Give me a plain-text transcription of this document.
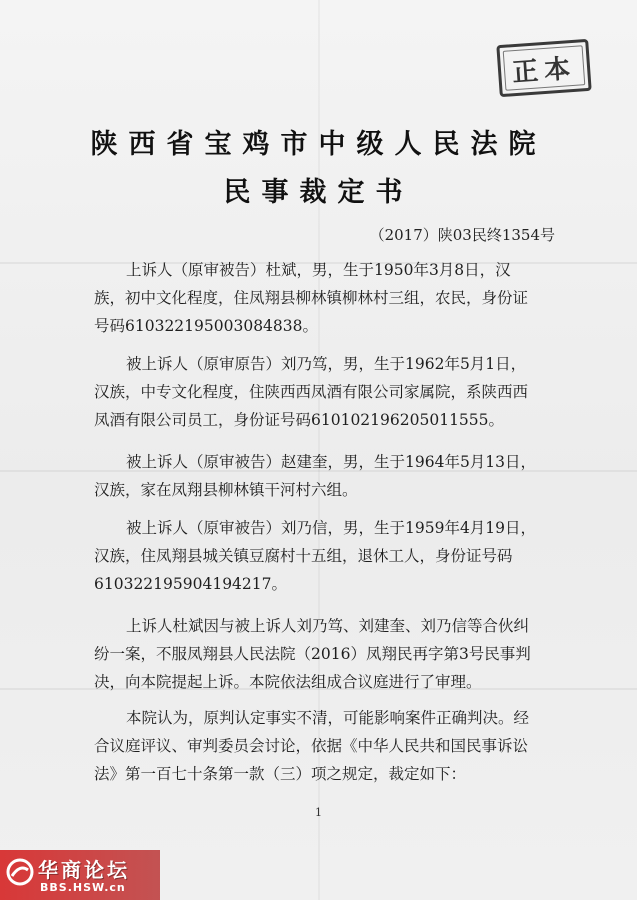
正本
陕西省宝鸡市中级人民法院
民事裁定书
（2017）陕03民终1354号
上诉人（原审被告）杜斌，男，生于1950年3月8日，汉
族，初中文化程度，住凤翔县柳林镇柳林村三组，农民，身份证
号码610322195003084838。
被上诉人（原审原告）刘乃笃，男，生于1962年5月1日，
汉族，中专文化程度，住陕西西凤酒有限公司家属院，系陕西西
凤酒有限公司员工，身份证号码610102196205011555。
被上诉人（原审被告）赵建奎，男，生于1964年5月13日，
汉族，家在凤翔县柳林镇干河村六组。
被上诉人（原审被告）刘乃信，男，生于1959年4月19日，
汉族，住凤翔县城关镇豆腐村十五组，退休工人，身份证号码
610322195904194217。
上诉人杜斌因与被上诉人刘乃笃、刘建奎、刘乃信等合伙纠
纷一案，不服凤翔县人民法院（2016）凤翔民再字第3号民事判
决，向本院提起上诉。本院依法组成合议庭进行了审理。
本院认为，原判认定事实不清，可能影响案件正确判决。经
合议庭评议、审判委员会讨论，依据《中华人民共和国民事诉讼
法》第一百七十条第一款（三）项之规定，裁定如下：
1
华商论坛
BBS.HSW.cn
